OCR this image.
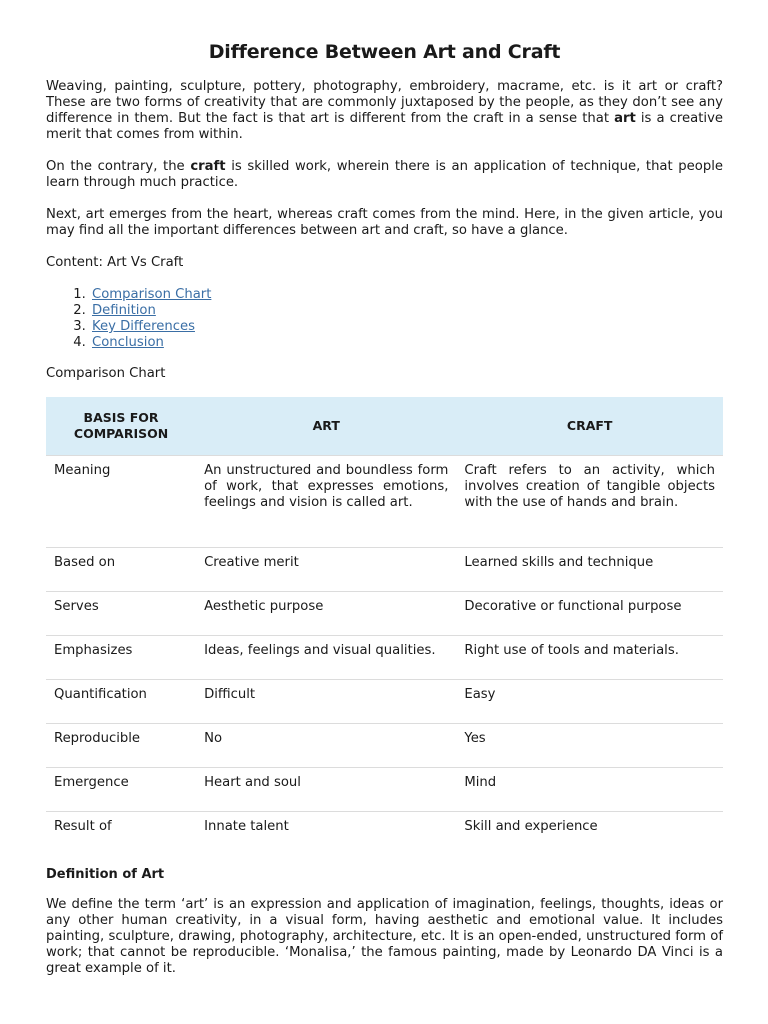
Difference Between Art and Craft

Weaving, painting, sculpture, pottery, photography, embroidery, macrame, etc. is it art or craft? These are two forms of creativity that are commonly juxtaposed by the people, as they don’t see any difference in them. But the fact is that art is different from the craft in a sense that art is a creative merit that comes from within.

On the contrary, the craft is skilled work, wherein there is an application of technique, that people learn through much practice.

Next, art emerges from the heart, whereas craft comes from the mind. Here, in the given article, you may find all the important differences between art and craft, so have a glance.

Content: Art Vs Craft

1. Comparison Chart
2. Definition
3. Key Differences
4. Conclusion

Comparison Chart

BASIS FOR COMPARISON	ART	CRAFT
Meaning	An unstructured and boundless form of work, that expresses emotions, feelings and vision is called art.	Craft refers to an activity, which involves creation of tangible objects with the use of hands and brain.
Based on	Creative merit	Learned skills and technique
Serves	Aesthetic purpose	Decorative or functional purpose
Emphasizes	Ideas, feelings and visual qualities.	Right use of tools and materials.
Quantification	Difficult	Easy
Reproducible	No	Yes
Emergence	Heart and soul	Mind
Result of	Innate talent	Skill and experience

Definition of Art

We define the term ‘art’ is an expression and application of imagination, feelings, thoughts, ideas or any other human creativity, in a visual form, having aesthetic and emotional value. It includes painting, sculpture, drawing, photography, architecture, etc. It is an open-ended, unstructured form of work; that cannot be reproducible. ‘Monalisa,’ the famous painting, made by Leonardo DA Vinci is a great example of it.
